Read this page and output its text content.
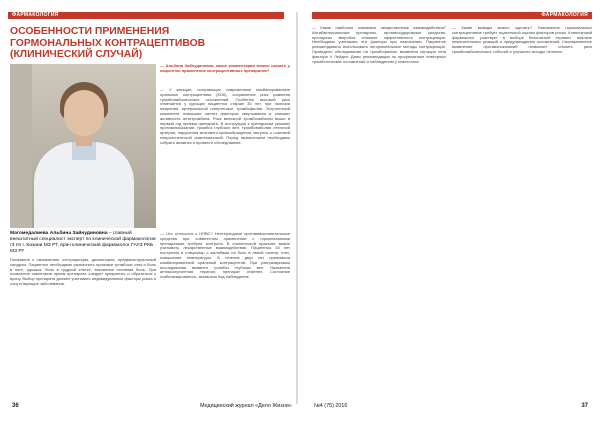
ФАРМАКОЛОГИЯ	ФАРМАКОЛОГИЯ
ОСОБЕННОСТИ ПРИМЕНЕНИЯ
ГОРМОНАЛЬНЫХ КОНТРАЦЕПТИВОВ
(КЛИНИЧЕСКИЙ СЛУЧАЙ)
Магомедалиева Альбина Зайнудиновна – главный внештатный специалист эксперт по клинической фармакологии г3 пп г. Казани МЗ РТ, врач клинический фармаколог ГАУЗ РКБ МЗ РТ
— Альбина Зайнудиновна, какие комментарии можно сказать у пациентки применение контрацептивных препаратов?
— У женщин, получающих современные комбинированные оральные контрацептивы (КОК), сохраняется риск развития тромбоэмболических осложнений. Особенно высокий риск отмечается у курящих пациенток старше 35 лет, при наличии ожирения, артериальной гипертензии, тромбофилии. Эстрогенный компонент повышает синтез факторов свертывания и снижает активность антитромбина. Риск венозной тромбоэмболии выше в первый год приема препарата. В инструкции к препаратам указаны противопоказания: тромбоз глубоких вен, тромбоэмболия легочной артерии, нарушения мозгового кровообращения, мигрень с очаговой неврологической симптоматикой. Перед назначением необходимо собрать анамнез и провести обследование.
Показания к назначению: контрацепция, дисменорея, предменструальный синдром. Пациентке необходимо разъяснить признаки тромбоза: отек и боль в ноге, одышка, боль в грудной клетке, внезапная головная боль. При появлении симптомов прием препарата следует прекратить и обратиться к врачу. Выбор препарата должен учитывать индивидуальные факторы риска и сопутствующие заболевания.
— Что относится к НПВС? Нестероидные противовоспалительные средства при совместном применении с гормональными препаратами требуют контроля. В клинической практике важно учитывать лекарственные взаимодействия. Пациентка 34 лет поступила в стационар с жалобами на боль в левой голени, отек, повышение температуры. В течение двух лет принимала комбинированный оральный контрацептив. При ультразвуковом исследовании выявлен тромбоз глубоких вен. Назначена антикоагулянтная терапия, препарат отменен. Состояние стабилизировалось, выписана под наблюдение.
— Какие наиболее значимые лекарственные взаимодействия? Антибактериальные препараты, противосудорожные средства, препараты зверобоя снижают эффективность контрацепции. Необходимо учитывать эти факторы при назначении. Пациентке рекомендовано использовать негормональные методы контрацепции. Проведено обследование на тромбофилию: выявлена мутация гена фактора V Лейден. Даны рекомендации по профилактике повторных тромботических осложнений и наблюдению у гематолога.
— Какие выводы можно сделать? Назначение гормональных контрацептивов требует тщательной оценки факторов риска. Клинический фармаколог участвует в выборе безопасной терапии, анализе нежелательных реакций и предупреждении осложнений. Своевременное выявление противопоказаний позволяет снизить риск тромбоэмболических событий и улучшить исходы лечения.
36	Медицинский журнал «Дело Жизни»	№4 (75) 2016	37
